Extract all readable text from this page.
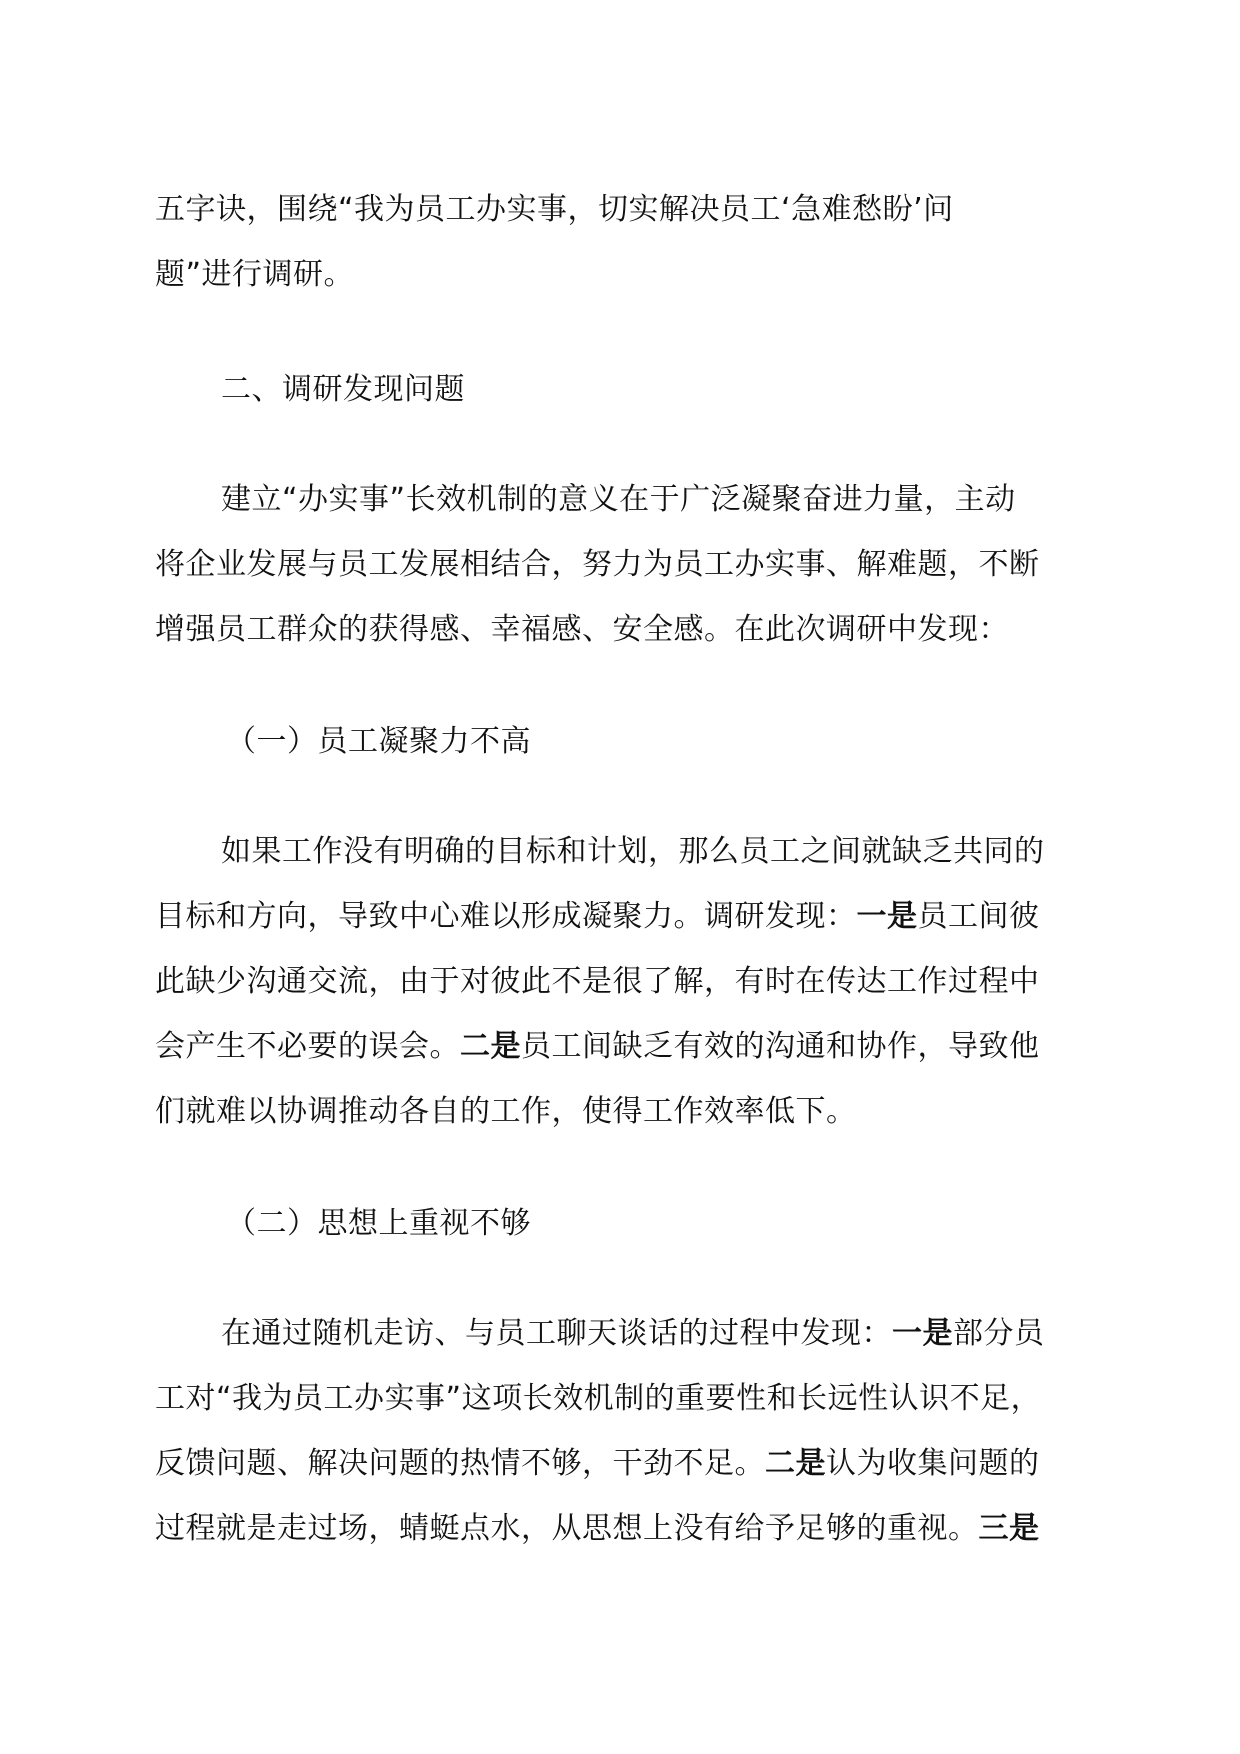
五字诀，围绕“我为员工办实事，切实解决员工‘急难愁盼’问
题”进行调研。
二、调研发现问题
建立“办实事”长效机制的意义在于广泛凝聚奋进力量，主动
将企业发展与员工发展相结合，努力为员工办实事、解难题，不断
增强员工群众的获得感、幸福感、安全感。在此次调研中发现：
（一）员工凝聚力不高
如果工作没有明确的目标和计划，那么员工之间就缺乏共同的
目标和方向，导致中心难以形成凝聚力。调研发现：一是员工间彼
此缺少沟通交流，由于对彼此不是很了解，有时在传达工作过程中
会产生不必要的误会。二是员工间缺乏有效的沟通和协作，导致他
们就难以协调推动各自的工作，使得工作效率低下。
（二）思想上重视不够
在通过随机走访、与员工聊天谈话的过程中发现：一是部分员
工对“我为员工办实事”这项长效机制的重要性和长远性认识不足，
反馈问题、解决问题的热情不够，干劲不足。二是认为收集问题的
过程就是走过场，蜻蜓点水，从思想上没有给予足够的重视。三是
